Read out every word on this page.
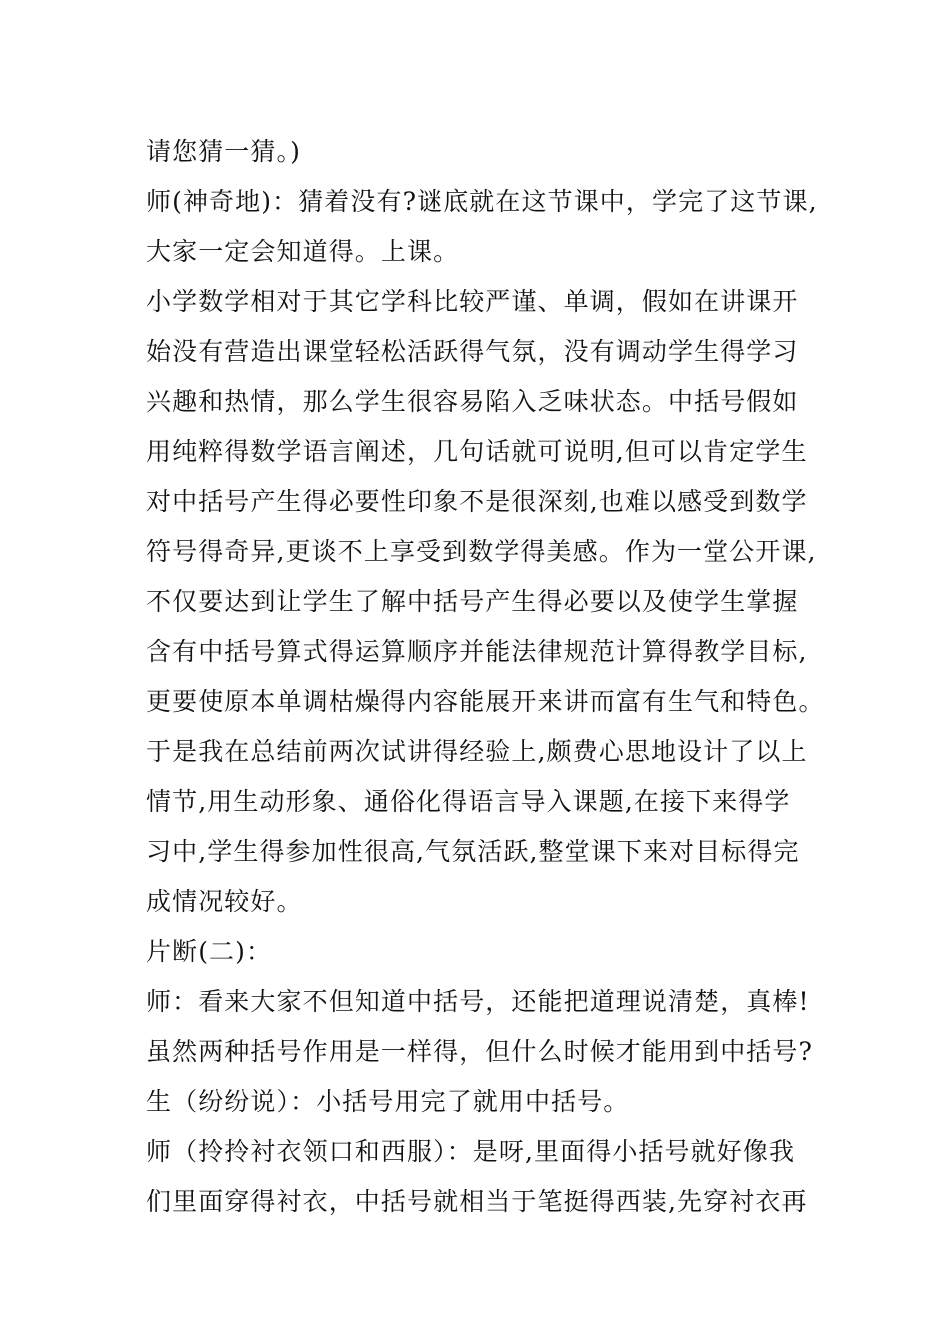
请您猜一猜。)
师(神奇地)：猜着没有?谜底就在这节课中，学完了这节课,
大家一定会知道得。上课。
小学数学相对于其它学科比较严谨、单调，假如在讲课开
始没有营造出课堂轻松活跃得气氛，没有调动学生得学习
兴趣和热情，那么学生很容易陷入乏味状态。中括号假如
用纯粹得数学语言阐述，几句话就可说明,但可以肯定学生
对中括号产生得必要性印象不是很深刻,也难以感受到数学
符号得奇异,更谈不上享受到数学得美感。作为一堂公开课,
不仅要达到让学生了解中括号产生得必要以及使学生掌握
含有中括号算式得运算顺序并能法律规范计算得教学目标,
更要使原本单调枯燥得内容能展开来讲而富有生气和特色。
于是我在总结前两次试讲得经验上,颇费心思地设计了以上
情节,用生动形象、通俗化得语言导入课题,在接下来得学
习中,学生得参加性很高,气氛活跃,整堂课下来对目标得完
成情况较好。
片断(二)：
师：看来大家不但知道中括号，还能把道理说清楚，真棒!
虽然两种括号作用是一样得，但什么时候才能用到中括号?
生（纷纷说）：小括号用完了就用中括号。
师（拎拎衬衣领口和西服）：是呀,里面得小括号就好像我
们里面穿得衬衣，中括号就相当于笔挺得西装,先穿衬衣再
